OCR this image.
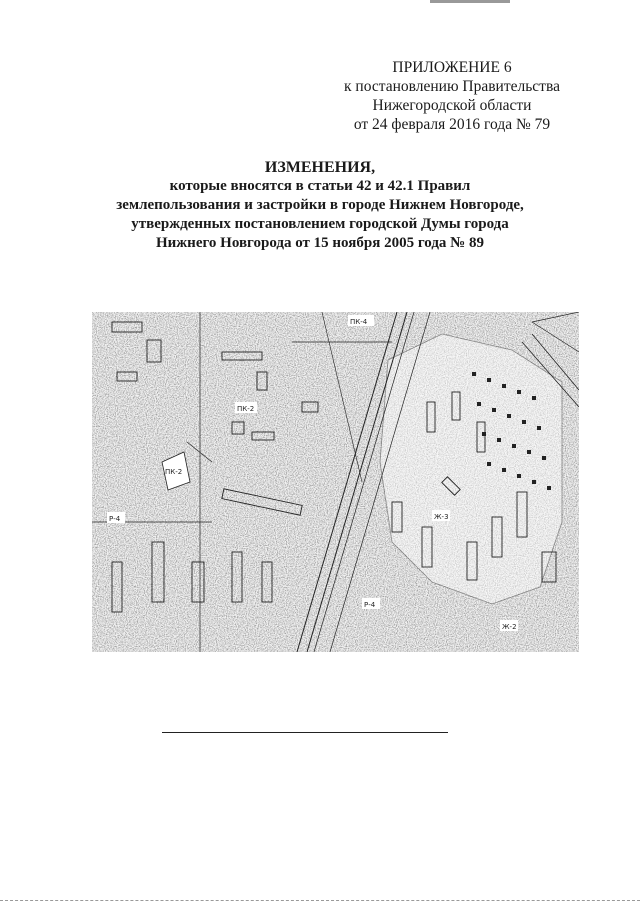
ПРИЛОЖЕНИЕ 6
к постановлению Правительства
Нижегородской области
от 24 февраля 2016 года № 79
ИЗМЕНЕНИЯ,
которые вносятся в статьи 42 и 42.1 Правил
землепользования и застройки в городе Нижнем Новгороде,
утвержденных постановлением городской Думы города
Нижнего Новгорода от 15 ноября 2005 года № 89
ПК-4
ПК-2
ПК-2
Р-4
Р-4
Ж-3
Ж-2
